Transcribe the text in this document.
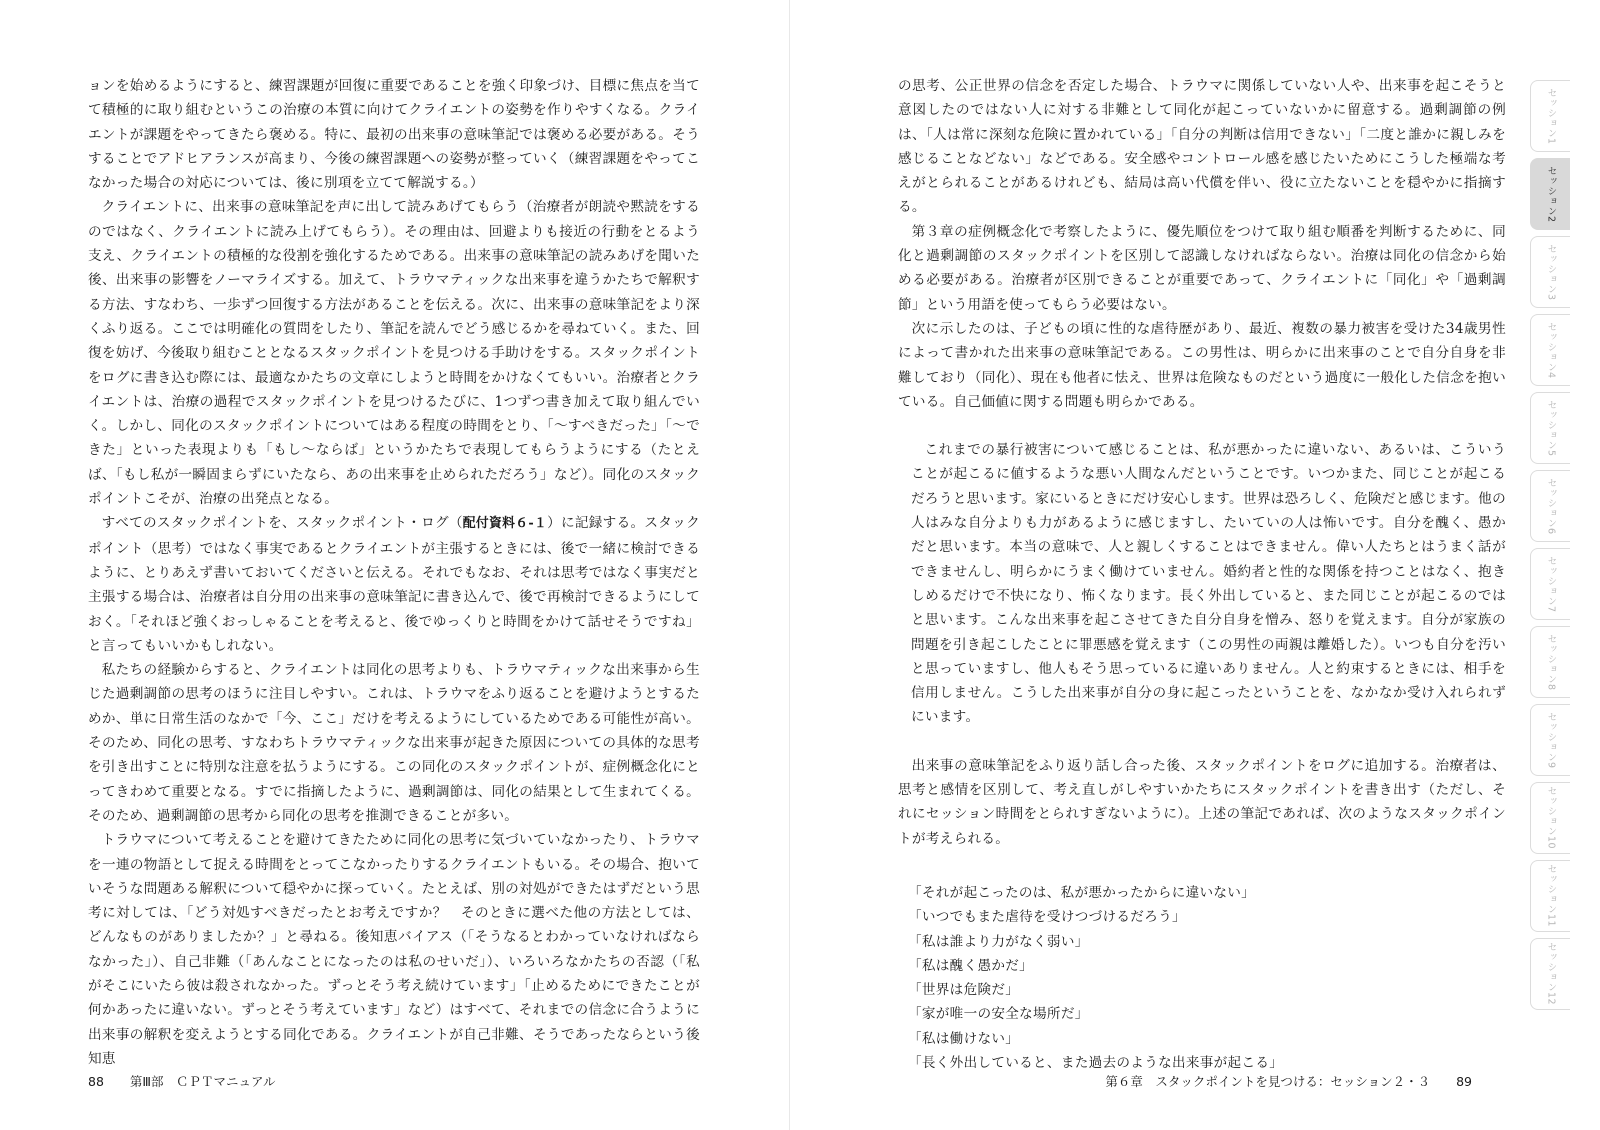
ョンを始めるようにすると、練習課題が回復に重要であることを強く印象づけ、目標に焦点を当てて積極的に取り組むというこの治療の本質に向けてクライエントの姿勢を作りやすくなる。クライエントが課題をやってきたら褒める。特に、最初の出来事の意味筆記では褒める必要がある。そうすることでアドヒアランスが高まり、今後の練習課題への姿勢が整っていく（練習課題をやってこなかった場合の対応については、後に別項を立てて解説する。）

クライエントに、出来事の意味筆記を声に出して読みあげてもらう（治療者が朗読や黙読をするのではなく、クライエントに読み上げてもらう）。その理由は、回避よりも接近の行動をとるよう支え、クライエントの積極的な役割を強化するためである。出来事の意味筆記の読みあげを聞いた後、出来事の影響をノーマライズする。加えて、トラウマティックな出来事を違うかたちで解釈する方法、すなわち、一歩ずつ回復する方法があることを伝える。次に、出来事の意味筆記をより深くふり返る。ここでは明確化の質問をしたり、筆記を読んでどう感じるかを尋ねていく。また、回復を妨げ、今後取り組むこととなるスタックポイントを見つける手助けをする。スタックポイントをログに書き込む際には、最適なかたちの文章にしようと時間をかけなくてもいい。治療者とクライエントは、治療の過程でスタックポイントを見つけるたびに、1つずつ書き加えて取り組んでいく。しかし、同化のスタックポイントについてはある程度の時間をとり、「〜すべきだった」「〜できた」といった表現よりも「もし〜ならば」というかたちで表現してもらうようにする（たとえば、「もし私が一瞬固まらずにいたなら、あの出来事を止められただろう」など）。同化のスタックポイントこそが、治療の出発点となる。

すべてのスタックポイントを、スタックポイント・ログ（配付資料６-１）に記録する。スタックポイント（思考）ではなく事実であるとクライエントが主張するときには、後で一緒に検討できるように、とりあえず書いておいてくださいと伝える。それでもなお、それは思考ではなく事実だと主張する場合は、治療者は自分用の出来事の意味筆記に書き込んで、後で再検討できるようにしておく。「それほど強くおっしゃることを考えると、後でゆっくりと時間をかけて話せそうですね」と言ってもいいかもしれない。

私たちの経験からすると、クライエントは同化の思考よりも、トラウマティックな出来事から生じた過剰調節の思考のほうに注目しやすい。これは、トラウマをふり返ることを避けようとするためか、単に日常生活のなかで「今、ここ」だけを考えるようにしているためである可能性が高い。そのため、同化の思考、すなわちトラウマティックな出来事が起きた原因についての具体的な思考を引き出すことに特別な注意を払うようにする。この同化のスタックポイントが、症例概念化にとってきわめて重要となる。すでに指摘したように、過剰調節は、同化の結果として生まれてくる。そのため、過剰調節の思考から同化の思考を推測できることが多い。

トラウマについて考えることを避けてきたために同化の思考に気づいていなかったり、トラウマを一連の物語として捉える時間をとってこなかったりするクライエントもいる。その場合、抱いていそうな問題ある解釈について穏やかに探っていく。たとえば、別の対処ができたはずだという思考に対しては、「どう対処すべきだったとお考えですか？　そのときに選べた他の方法としては、どんなものがありましたか？」と尋ねる。後知恵バイアス（「そうなるとわかっていなければならなかった」）、自己非難（「あんなことになったのは私のせいだ」）、いろいろなかたちの否認（「私がそこにいたら彼は殺されなかった。ずっとそう考え続けています」「止めるためにできたことが何かあったに違いない。ずっとそう考えています」など）はすべて、それまでの信念に合うように出来事の解釈を変えようとする同化である。クライエントが自己非難、そうであったならという後知恵

88 第Ⅲ部　ＣＰＴマニュアル

の思考、公正世界の信念を否定した場合、トラウマに関係していない人や、出来事を起こそうと意図したのではない人に対する非難として同化が起こっていないかに留意する。過剰調節の例は、「人は常に深刻な危険に置かれている」「自分の判断は信用できない」「二度と誰かに親しみを感じることなどない」などである。安全感やコントロール感を感じたいためにこうした極端な考えがとられることがあるけれども、結局は高い代償を伴い、役に立たないことを穏やかに指摘する。

第３章の症例概念化で考察したように、優先順位をつけて取り組む順番を判断するために、同化と過剰調節のスタックポイントを区別して認識しなければならない。治療は同化の信念から始める必要がある。治療者が区別できることが重要であって、クライエントに「同化」や「過剰調節」という用語を使ってもらう必要はない。

次に示したのは、子どもの頃に性的な虐待歴があり、最近、複数の暴力被害を受けた34歳男性によって書かれた出来事の意味筆記である。この男性は、明らかに出来事のことで自分自身を非難しており（同化）、現在も他者に怯え、世界は危険なものだという過度に一般化した信念を抱いている。自己価値に関する問題も明らかである。

これまでの暴行被害について感じることは、私が悪かったに違いない、あるいは、こういうことが起こるに値するような悪い人間なんだということです。いつかまた、同じことが起こるだろうと思います。家にいるときにだけ安心します。世界は恐ろしく、危険だと感じます。他の人はみな自分よりも力があるように感じますし、たいていの人は怖いです。自分を醜く、愚かだと思います。本当の意味で、人と親しくすることはできません。偉い人たちとはうまく話ができませんし、明らかにうまく働けていません。婚約者と性的な関係を持つことはなく、抱きしめるだけで不快になり、怖くなります。長く外出していると、また同じことが起こるのではと思います。こんな出来事を起こさせてきた自分自身を憎み、怒りを覚えます。自分が家族の問題を引き起こしたことに罪悪感を覚えます（この男性の両親は離婚した）。いつも自分を汚いと思っていますし、他人もそう思っているに違いありません。人と約束するときには、相手を信用しません。こうした出来事が自分の身に起こったということを、なかなか受け入れられずにいます。

出来事の意味筆記をふり返り話し合った後、スタックポイントをログに追加する。治療者は、思考と感情を区別して、考え直しがしやすいかたちにスタックポイントを書き出す（ただし、それにセッション時間をとられすぎないように）。上述の筆記であれば、次のようなスタックポイントが考えられる。

「それが起こったのは、私が悪かったからに違いない」
「いつでもまた虐待を受けつづけるだろう」
「私は誰より力がなく弱い」
「私は醜く愚かだ」
「世界は危険だ」
「家が唯一の安全な場所だ」
「私は働けない」
「長く外出していると、また過去のような出来事が起こる」
第６章　スタックポイントを見つける：セッション２・３ 89
セッション1
セッション2
セッション3
セッション4
セッション5
セッション6
セッション7
セッション8
セッション9
セッション10
セッション11
セッション12
